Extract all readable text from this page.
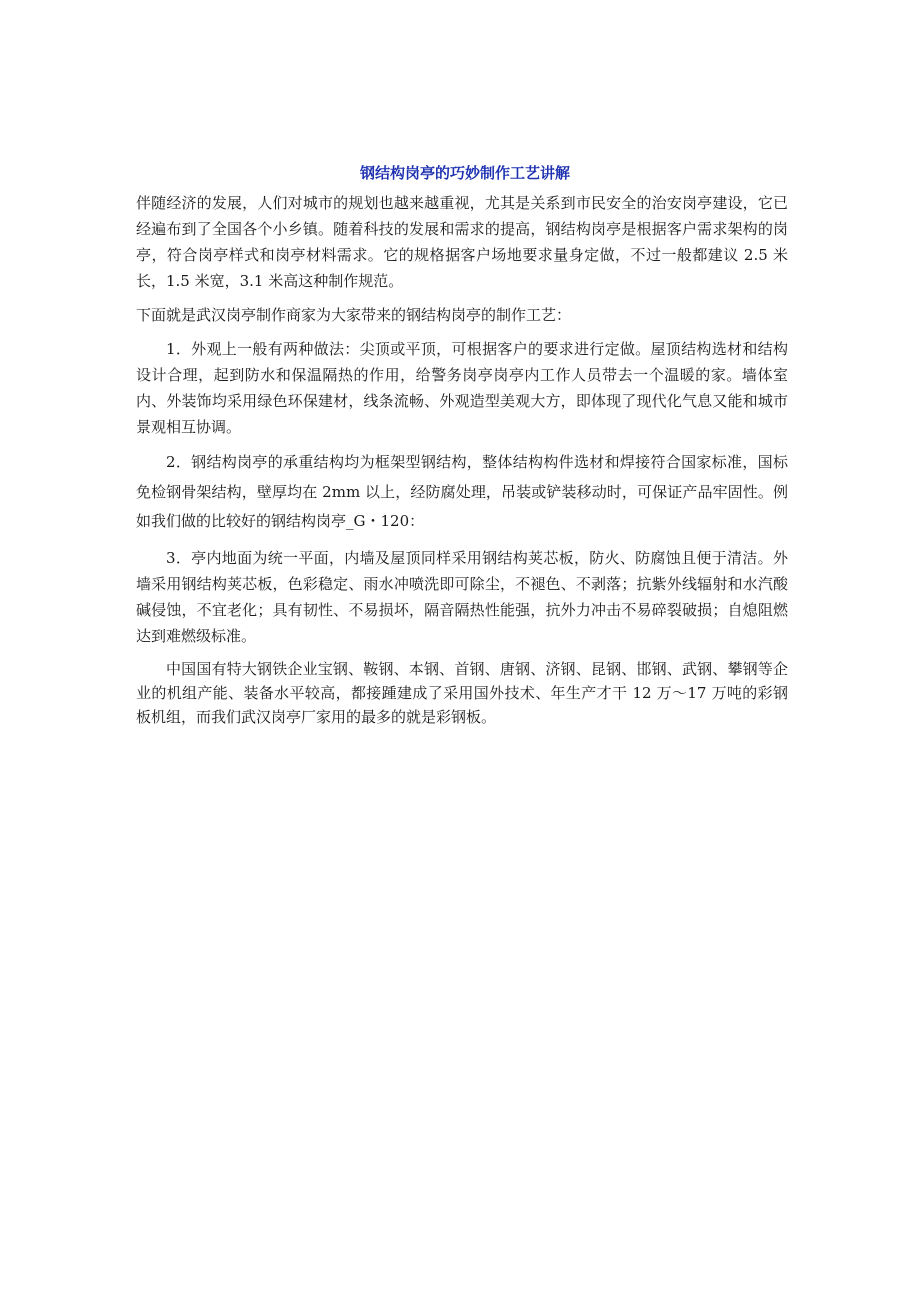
钢结构岗亭的巧妙制作工艺讲解

伴随经济的发展，人们对城市的规划也越来越重视，尤其是关系到市民安全的治安岗亭建设，它已经遍布到了全国各个小乡镇。随着科技的发展和需求的提高，钢结构岗亭是根据客户需求架构的岗亭，符合岗亭样式和岗亭材料需求。它的规格据客户场地要求量身定做，不过一般都建议 2.5 米长，1.5 米宽，3.1 米高这种制作规范。

下面就是武汉岗亭制作商家为大家带来的钢结构岗亭的制作工艺：

1．外观上一般有两种做法：尖顶或平顶，可根据客户的要求进行定做。屋顶结构选材和结构设计合理，起到防水和保温隔热的作用，给警务岗亭岗亭内工作人员带去一个温暖的家。墙体室内、外装饰均采用绿色环保建材，线条流畅、外观造型美观大方，即体现了现代化气息又能和城市景观相互协调。

2．钢结构岗亭的承重结构均为框架型钢结构，整体结构构件选材和焊接符合国家标准，国标免检钢骨架结构，壁厚均在 2mm 以上，经防腐处理，吊装或铲装移动时，可保证产品牢固性。例如我们做的比较好的钢结构岗亭_G・120：

3．亭内地面为统一平面，内墙及屋顶同样采用钢结构荚芯板，防火、防腐蚀且便于清洁。外墙采用钢结构荚芯板，色彩稳定、雨水冲喷洗即可除尘，不褪色、不剥落；抗紫外线辐射和水汽酸碱侵蚀，不宜老化；具有韧性、不易损坏，隔音隔热性能强，抗外力冲击不易碎裂破损；自熄阻燃达到难燃级标准。

中国国有特大钢铁企业宝钢、鞍钢、本钢、首钢、唐钢、济钢、昆钢、邯钢、武钢、攀钢等企业的机组产能、装备水平较高，都接踵建成了采用国外技术、年生产才干 12 万～17 万吨的彩钢板机组，而我们武汉岗亭厂家用的最多的就是彩钢板。
